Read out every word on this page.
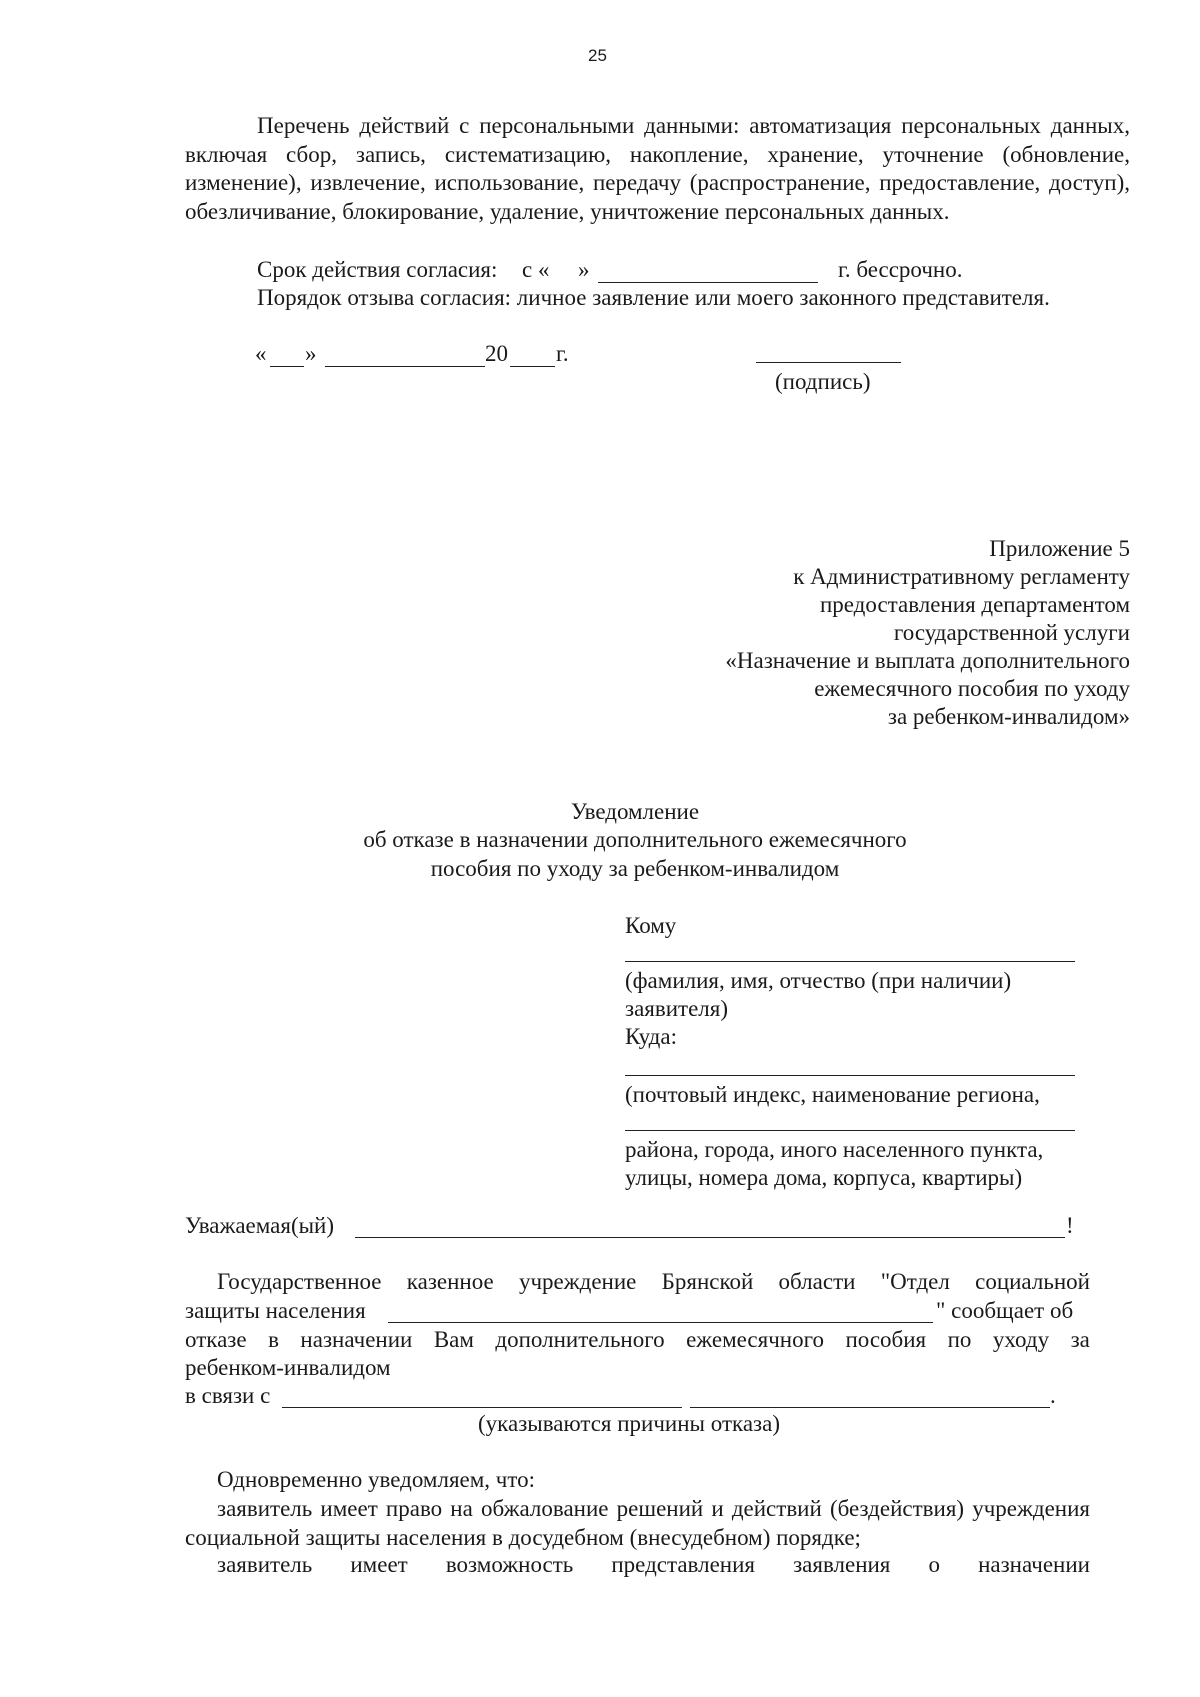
25
Перечень действий с персональными данными: автоматизация персональных данных, включая сбор, запись, систематизацию, накопление, хранение, уточнение (обновление, изменение), извлечение, использование, передачу (распространение, предоставление, доступ), обезличивание, блокирование, удаление, уничтожение персональных данных.
Срок действия согласия: с « »	г. бессрочно.
Порядок отзыва согласия: личное заявление или моего законного представителя.
« »	20 г.
(подпись)
Приложение 5
к Административному регламенту
предоставления департаментом
государственной услуги
«Назначение и выплата дополнительного
ежемесячного пособия по уходу
за ребенком-инвалидом»
Уведомление
об отказе в назначении дополнительного ежемесячного
пособия по уходу за ребенком-инвалидом
Кому
(фамилия, имя, отчество (при наличии)
заявителя)
Куда:
(почтовый индекс, наименование региона,
района, города, иного населенного пункта,
улицы, номера дома, корпуса, квартиры)
Уважаемая(ый)	!
Государственное казенное учреждение Брянской области "Отдел социальной
защиты населения	" сообщает об
отказе в назначении Вам дополнительного ежемесячного пособия по уходу за
ребенком-инвалидом
в связи с	.
(указываются причины отказа)
Одновременно уведомляем, что:
заявитель имеет право на обжалование решений и действий (бездействия) учреждения социальной защиты населения в досудебном (внесудебном) порядке;
заявитель имеет возможность представления заявления о назначении
